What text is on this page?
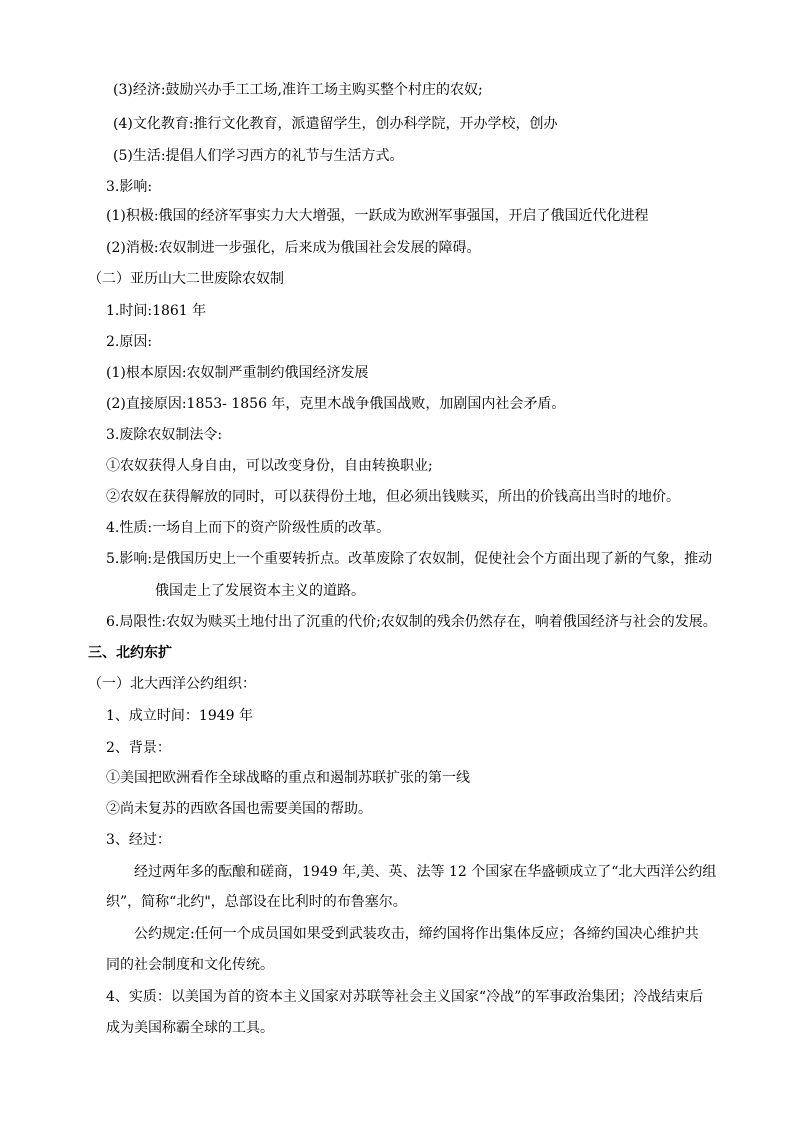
(3)经济:鼓励兴办手工工场,准许工场主购买整个村庄的农奴;
(4)文化教育:推行文化教育，派遣留学生，创办科学院，开办学校，创办
(5)生活:提倡人们学习西方的礼节与生活方式。
3.影响:
(1)积极:俄国的经济军事实力大大增强，一跃成为欧洲军事强国，开启了俄国近代化进程
(2)消极:农奴制进一步强化，后来成为俄国社会发展的障碍。
（二）亚历山大二世废除农奴制
1.时间:1861 年
2.原因:
(1)根本原因:农奴制严重制约俄国经济发展
(2)直接原因:1853- 1856 年，克里木战争俄国战败，加剧国内社会矛盾。
3.废除农奴制法令:
①农奴获得人身自由，可以改变身份，自由转换职业;
②农奴在获得解放的同时，可以获得份土地，但必须出钱赎买，所出的价钱高出当时的地价。
4.性质:一场自上而下的资产阶级性质的改革。
5.影响:是俄国历史上一个重要转折点。改革废除了农奴制，促使社会个方面出现了新的气象，推动
俄国走上了发展资本主义的道路。
6.局限性:农奴为赎买土地付出了沉重的代价;农奴制的残余仍然存在，响着俄国经济与社会的发展。
三、北约东扩
（一）北大西洋公约组织：
1、成立时间：1949 年
2、背景：
①美国把欧洲看作全球战略的重点和遏制苏联扩张的第一线
②尚未复苏的西欧各国也需要美国的帮助。
3、经过：
经过两年多的酝酿和磋商，1949 年,美、英、法等 12 个国家在华盛顿成立了“北大西洋公约组
织”，简称“北约"，总部设在比利时的布鲁塞尔。
公约规定:任何一个成员国如果受到武装攻击，缔约国将作出集体反应；各缔约国决心维护共
同的社会制度和文化传统。
4、实质：以美国为首的资本主义国家对苏联等社会主义国家“冷战”的军事政治集团；冷战结束后
成为美国称霸全球的工具。
